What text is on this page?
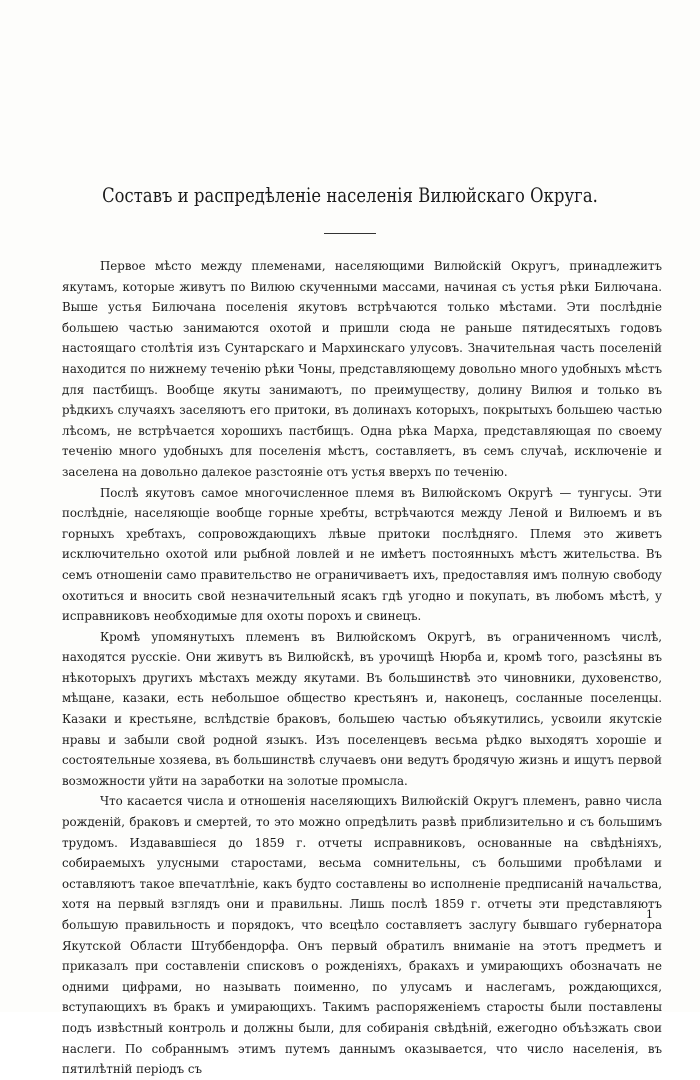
Составъ и распредѣленіе населенія Вилюйскаго Округа.

Первое мѣсто между племенами, населяющими Вилюйскій Округъ, принадлежитъ якутамъ, которые живутъ по Вилюю скученными массами, начиная съ устья рѣки Билючана. Выше устья Билючана поселенія якутовъ встрѣчаются только мѣстами. Эти послѣдніе большею частью занимаются охотой и пришли сюда не раньше пятидесятыхъ годовъ настоящаго столѣтія изъ Сунтарскаго и Мархинскаго улусовъ. Значительная часть поселеній находится по нижнему теченію рѣки Чоны, представляющему довольно много удобныхъ мѣстъ для пастбищъ. Вообще якуты занимаютъ, по преимуществу, долину Вилюя и только въ рѣдкихъ случаяхъ заселяютъ его притоки, въ долинахъ которыхъ, покрытыхъ большею частью лѣсомъ, не встрѣчается хорошихъ пастбищъ. Одна рѣка Марха, представляющая по своему теченію много удобныхъ для поселенія мѣстъ, составляетъ, въ семъ случаѣ, исключеніе и заселена на довольно далекое разстояніе отъ устья вверхъ по теченію.

Послѣ якутовъ самое многочисленное племя въ Вилюйскомъ Округѣ — тунгусы. Эти послѣдніе, населяющіе вообще горные хребты, встрѣчаются между Леной и Вилюемъ и въ горныхъ хребтахъ, сопровождающихъ лѣвые притоки послѣдняго. Племя это живетъ исключительно охотой или рыбной ловлей и не имѣетъ постоянныхъ мѣстъ жительства. Въ семъ отношеніи само правительство не ограничиваетъ ихъ, предоставляя имъ полную свободу охотиться и вносить свой незначительный ясакъ гдѣ угодно и покупать, въ любомъ мѣстѣ, у исправниковъ необходимые для охоты порохъ и свинецъ.

Кромѣ упомянутыхъ племенъ въ Вилюйскомъ Округѣ, въ ограниченномъ числѣ, находятся русскіе. Они живутъ въ Вилюйскѣ, въ урочищѣ Нюрба и, кромѣ того, разсѣяны въ нѣкоторыхъ другихъ мѣстахъ между якутами. Въ большинствѣ это чиновники, духовенство, мѣщане, казаки, есть небольшое общество крестьянъ и, наконецъ, сосланные поселенцы. Казаки и крестьяне, вслѣдствіе браковъ, большею частью объякутились, усвоили якутскіе нравы и забыли свой родной языкъ. Изъ поселенцевъ весьма рѣдко выходятъ хорошіе и состоятельные хозяева, въ большинствѣ случаевъ они ведутъ бродячую жизнь и ищутъ первой возможности уйти на заработки на золотые промысла.

Что касается числа и отношенія населяющихъ Вилюйскій Округъ племенъ, равно числа рожденій, браковъ и смертей, то это можно опредѣлить развѣ приблизительно и съ большимъ трудомъ. Издававшіеся до 1859 г. отчеты исправниковъ, основанные на свѣдѣніяхъ, собираемыхъ улусными старостами, весьма сомнительны, съ большими пробѣлами и оставляютъ такое впечатлѣніе, какъ будто составлены во исполненіе предписаній начальства, хотя на первый взглядъ они и правильны. Лишь послѣ 1859 г. отчеты эти представляютъ большую правильность и порядокъ, что всецѣло составляетъ заслугу бывшаго губернатора Якутской Области Штуббендорфа. Онъ первый обратилъ вниманіе на этотъ предметъ и приказалъ при составленіи списковъ о рожденіяхъ, бракахъ и умирающихъ обозначать не одними цифрами, но называть поименно, по улусамъ и наслегамъ, рождающихся, вступающихъ въ бракъ и умирающихъ. Такимъ распоряженіемъ старосты были поставлены подъ извѣстный контроль и должны были, для собиранія свѣдѣній, ежегодно объѣзжать свои наслеги. По собраннымъ этимъ путемъ даннымъ оказывается, что число населенія, въ пятилѣтній періодъ съ

1
